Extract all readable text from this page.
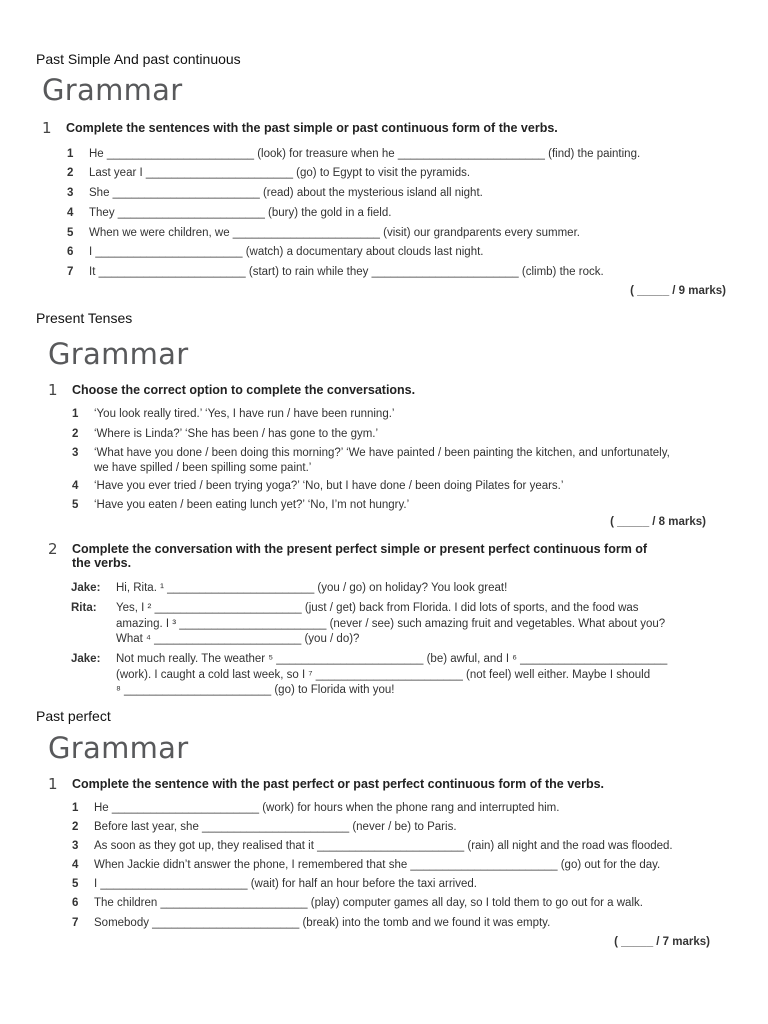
Past Simple And past continuous
Grammar
1	Complete the sentences with the past simple or past continuous form of the verbs.
1	He _______________________ (look) for treasure when he _______________________ (find) the painting.
2	Last year I _______________________ (go) to Egypt to visit the pyramids.
3	She _______________________ (read) about the mysterious island all night.
4	They _______________________ (bury) the gold in a field.
5	When we were children, we _______________________ (visit) our grandparents every summer.
6	I _______________________ (watch) a documentary about clouds last night.
7	It _______________________ (start) to rain while they _______________________ (climb) the rock.
( _____ / 9 marks)
Present Tenses
Grammar
1	Choose the correct option to complete the conversations.
1	‘You look really tired.’ ‘Yes, I have run / have been running.’
2	‘Where is Linda?’ ‘She has been / has gone to the gym.’
3	‘What have you done / been doing this morning?’ ‘We have painted / been painting the kitchen, and unfortunately,
we have spilled / been spilling some paint.’
4	‘Have you ever tried / been trying yoga?’ ‘No, but I have done / been doing Pilates for years.’
5	‘Have you eaten / been eating lunch yet?’ ‘No, I’m not hungry.’
( _____ / 8 marks)
2	Complete the conversation with the present perfect simple or present perfect continuous form of
the verbs.
Jake:	Hi, Rita. ¹ _______________________ (you / go) on holiday? You look great!
Rita:	Yes, I ² _______________________ (just / get) back from Florida. I did lots of sports, and the food was
amazing. I ³ _______________________ (never / see) such amazing fruit and vegetables. What about you?
What ⁴ _______________________ (you / do)?
Jake:	Not much really. The weather ⁵ _______________________ (be) awful, and I ⁶ _______________________
(work). I caught a cold last week, so I ⁷ _______________________ (not feel) well either. Maybe I should
⁸ _______________________ (go) to Florida with you!
Past perfect
Grammar
1	Complete the sentence with the past perfect or past perfect continuous form of the verbs.
1	He _______________________ (work) for hours when the phone rang and interrupted him.
2	Before last year, she _______________________ (never / be) to Paris.
3	As soon as they got up, they realised that it _______________________ (rain) all night and the road was flooded.
4	When Jackie didn’t answer the phone, I remembered that she _______________________ (go) out for the day.
5	I _______________________ (wait) for half an hour before the taxi arrived.
6	The children _______________________ (play) computer games all day, so I told them to go out for a walk.
7	Somebody _______________________ (break) into the tomb and we found it was empty.
( _____ / 7 marks)
